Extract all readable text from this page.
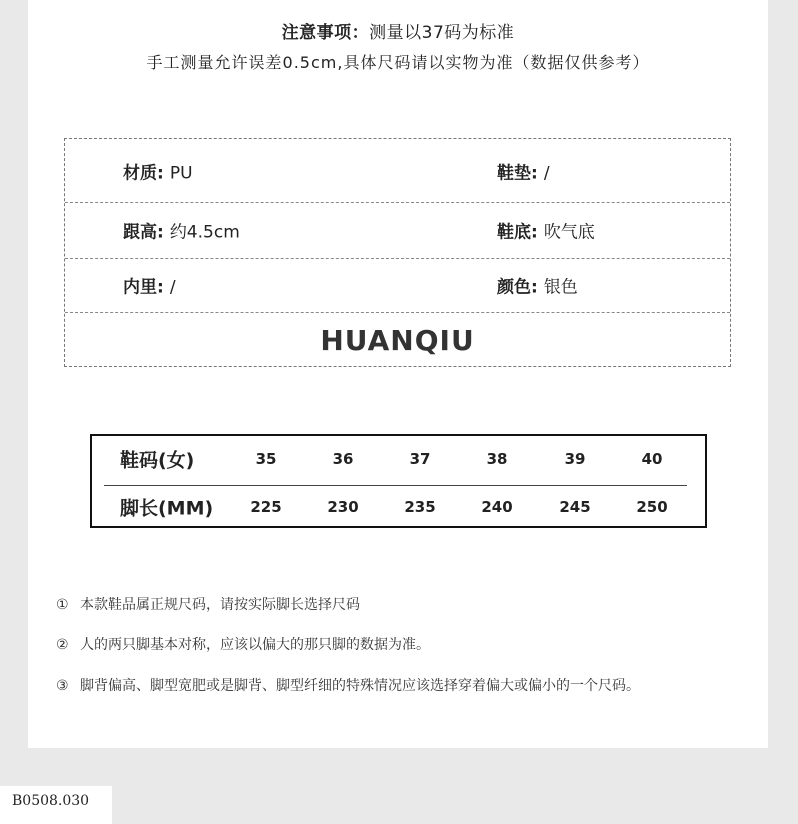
注意事项：测量以37码为标准
手工测量允许误差0.5cm,具体尺码请以实物为准（数据仅供参考）
材质: PU	鞋垫: /
跟高: 约4.5cm	鞋底: 吹气底
内里: /	颜色: 银色
HUANQIU
鞋码(女)	35	36	37	38	39	40
脚长(MM) 225	230	235	240	245	250
① 本款鞋品属正规尺码，请按实际脚长选择尺码
② 人的两只脚基本对称，应该以偏大的那只脚的数据为准。
③ 脚背偏高、脚型宽肥或是脚背、脚型纤细的特殊情况应该选择穿着偏大或偏小的一个尺码。
B0508.030
